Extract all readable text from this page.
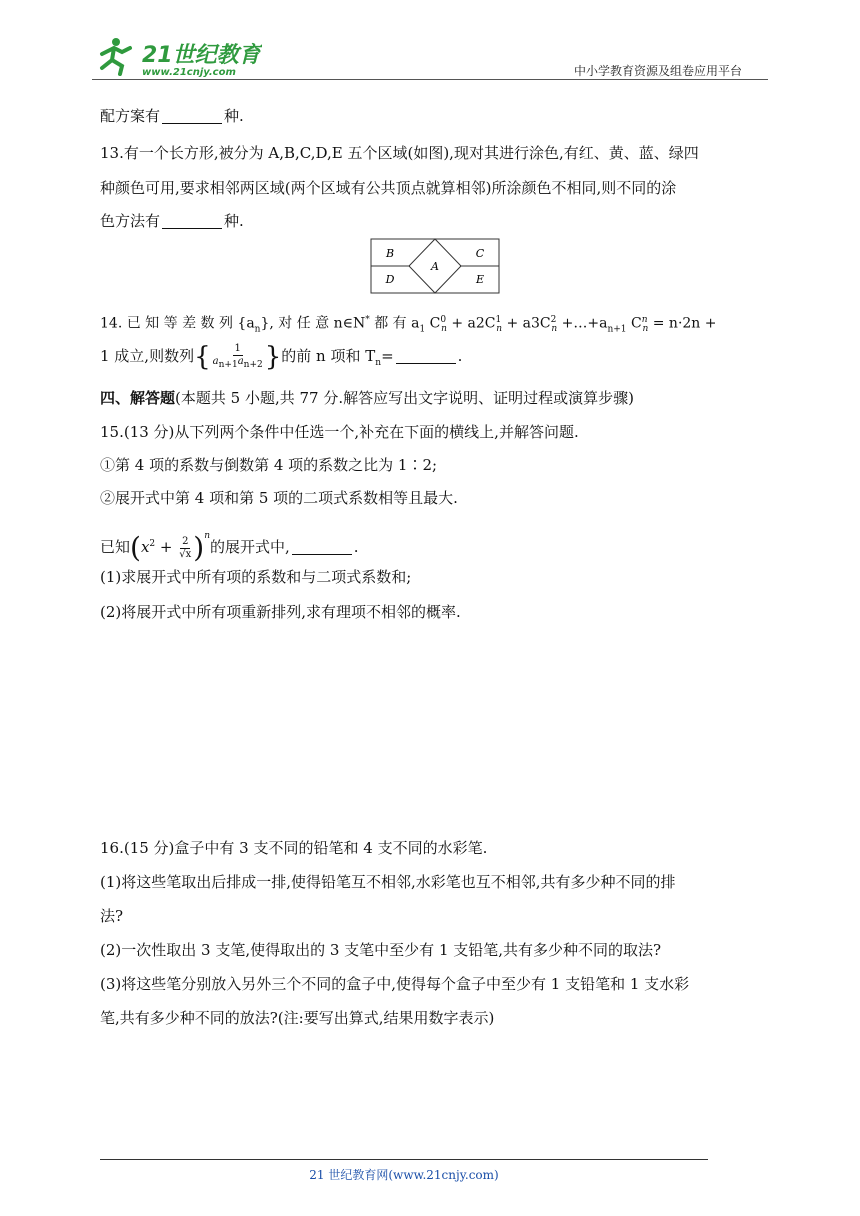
21世纪教育
www.21cnjy.com	中小学教育资源及组卷应用平台
配方案有	种.
13.有一个长方形,被分为 A,B,C,D,E 五个区域(如图),现对其进行涂色,有红、黄、蓝、绿四
种颜色可用,要求相邻两区域(两个区域有公共顶点就算相邻)所涂颜色不相同,则不同的涂
色方法有	种.
B	C
A
D	E
14. 已 知 等 差 数 列 $\{a_n\}$, 对 任 意 n∈N* 都 有 $a_1$ $C^0_n + a2C^1_n + a3C^2_n$ $+\dots+a_{n+1}$ $C^n_n = n\cdot 2n$ +
1 成立,则数列{ $\frac{1}{a_{n+1}a_{n+2}}$ }的前 n 项和 $T_n=$	.
四、解答题(本题共 5 小题,共 77 分.解答应写出文字说明、证明过程或演算步骤)
15.(13 分)从下列两个条件中任选一个,补充在下面的横线上,并解答问题.
①第 4 项的系数与倒数第 4 项的系数之比为 1∶2;
②展开式中第 4 项和第 5 项的二项式系数相等且最大.
已知$(x^2 + \frac{2}{√x} )^n$的展开式中,	.
(1)求展开式中所有项的系数和与二项式系数和;
(2)将展开式中所有项重新排列,求有理项不相邻的概率.
16.(15 分)盒子中有 3 支不同的铅笔和 4 支不同的水彩笔.
(1)将这些笔取出后排成一排,使得铅笔互不相邻,水彩笔也互不相邻,共有多少种不同的排
法?
(2)一次性取出 3 支笔,使得取出的 3 支笔中至少有 1 支铅笔,共有多少种不同的取法?
(3)将这些笔分别放入另外三个不同的盒子中,使得每个盒子中至少有 1 支铅笔和 1 支水彩
笔,共有多少种不同的放法?(注:要写出算式,结果用数字表示)
21 世纪教育网(www.21cnjy.com)
